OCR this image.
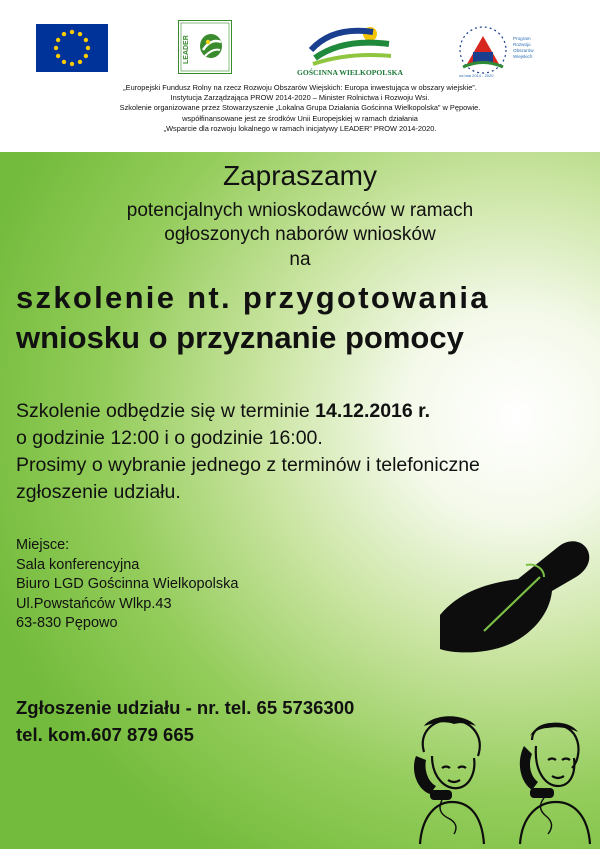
LEADER
GOŚCINNA WIELKOPOLSKA
Program
Rozwoju
Obszarów
Wiejskich
na lata 2014 - 2020
„Europejski Fundusz Rolny na rzecz Rozwoju Obszarów Wiejskich: Europa inwestująca w obszary wiejskie”.
Instytucja Zarządzająca PROW 2014-2020 – Minister Rolnictwa i Rozwoju Wsi.
Szkolenie organizowane przez Stowarzyszenie „Lokalna Grupa Działania Gościnna Wielkopolska” w Pępowie.
współfinansowane jest ze środków Unii Europejskiej w ramach działania
„Wsparcie dla rozwoju lokalnego w ramach inicjatywy LEADER” PROW 2014-2020.
Zapraszamy
potencjalnych wnioskodawców w ramach
ogłoszonych naborów wniosków
na
szkolenie nt. przygotowania
wniosku o przyznanie pomocy
Szkolenie odbędzie się w terminie 14.12.2016 r.
o godzinie 12:00 i o godzinie 16:00.
Prosimy o wybranie jednego z terminów i telefoniczne
zgłoszenie udziału.
Miejsce:
Sala konferencyjna
Biuro LGD Gościnna Wielkopolska
Ul.Powstańców Wlkp.43
63-830 Pępowo
Zgłoszenie udziału - nr. tel. 65 5736300
tel. kom.607 879 665
